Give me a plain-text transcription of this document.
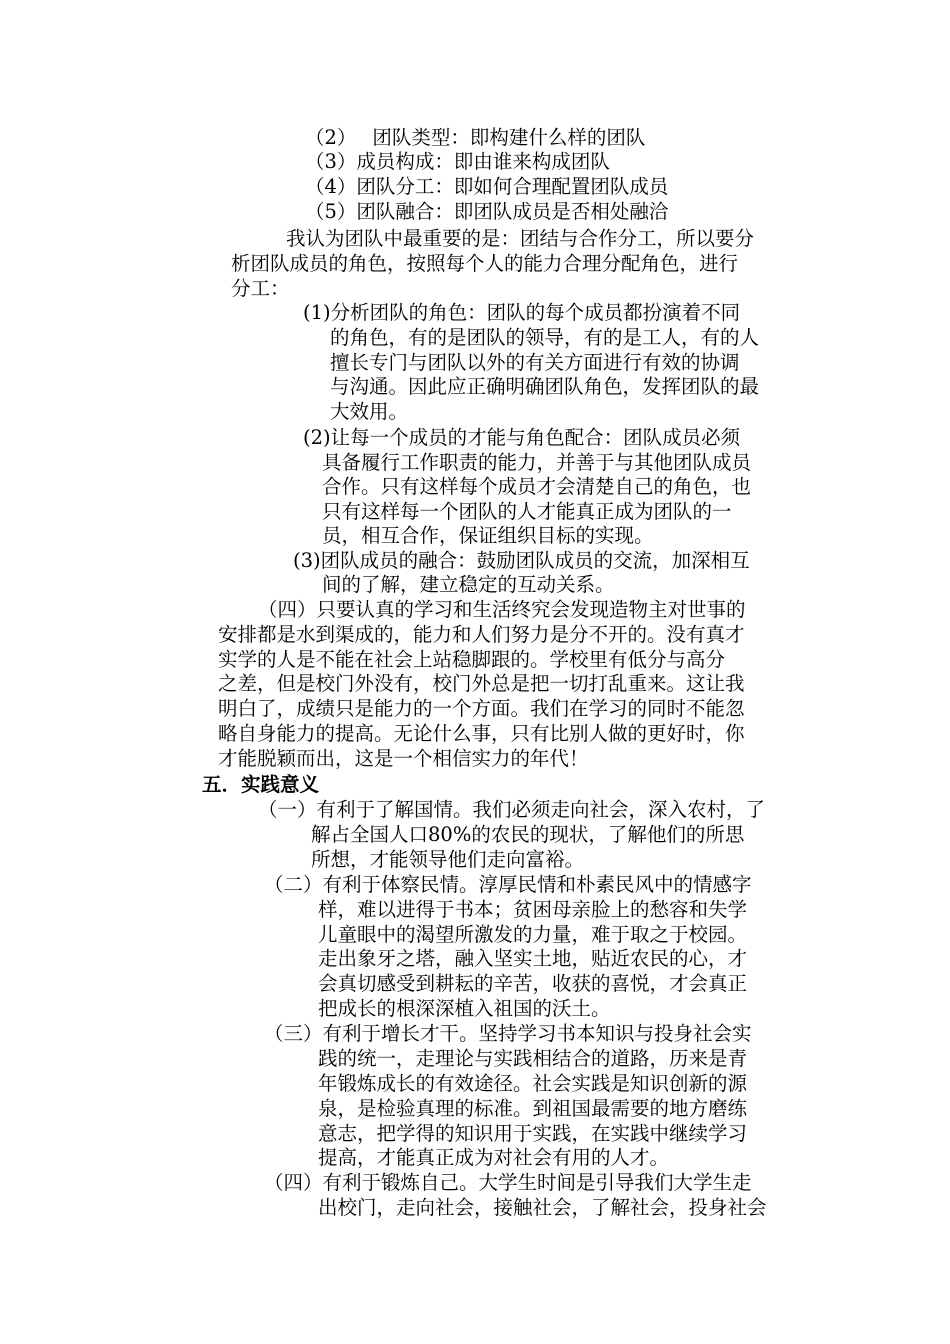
（2）　 团队类型：即构建什么样的团队
（3）成员构成：即由谁来构成团队
（4）团队分工：即如何合理配置团队成员
（5）团队融合：即团队成员是否相处融洽
我认为团队中最重要的是：团结与合作分工，所以要分
析团队成员的角色，按照每个人的能力合理分配角色，进行
分工：
(1)分析团队的角色：团队的每个成员都扮演着不同
的角色，有的是团队的领导，有的是工人，有的人
擅长专门与团队以外的有关方面进行有效的协调
与沟通。因此应正确明确团队角色，发挥团队的最
大效用。
(2)让每一个成员的才能与角色配合：团队成员必须
具备履行工作职责的能力，并善于与其他团队成员
合作。只有这样每个成员才会清楚自己的角色，也
只有这样每一个团队的人才能真正成为团队的一
员，相互合作，保证组织目标的实现。
(3)团队成员的融合：鼓励团队成员的交流，加深相互
间的了解，建立稳定的互动关系。
（四）只要认真的学习和生活终究会发现造物主对世事的
安排都是水到渠成的，能力和人们努力是分不开的。没有真才
实学的人是不能在社会上站稳脚跟的。学校里有低分与高分
之差，但是校门外没有，校门外总是把一切打乱重来。这让我
明白了，成绩只是能力的一个方面。我们在学习的同时不能忽
略自身能力的提高。无论什么事，只有比别人做的更好时，你
才能脱颖而出，这是一个相信实力的年代！
五．实践意义
（一）有利于了解国情。我们必须走向社会，深入农村，了
解占全国人口80%的农民的现状，了解他们的所思
所想，才能领导他们走向富裕。
（二）有利于体察民情。淳厚民情和朴素民风中的情感字
样，难以进得于书本；贫困母亲脸上的愁容和失学
儿童眼中的渴望所激发的力量，难于取之于校园。
走出象牙之塔，融入坚实土地，贴近农民的心，才
会真切感受到耕耘的辛苦，收获的喜悦，才会真正
把成长的根深深植入祖国的沃土。
（三）有利于增长才干。坚持学习书本知识与投身社会实
践的统一，走理论与实践相结合的道路，历来是青
年锻炼成长的有效途径。社会实践是知识创新的源
泉，是检验真理的标准。到祖国最需要的地方磨练
意志，把学得的知识用于实践，在实践中继续学习
提高，才能真正成为对社会有用的人才。
（四）有利于锻炼自己。大学生时间是引导我们大学生走
出校门，走向社会，接触社会，了解社会，投身社会
